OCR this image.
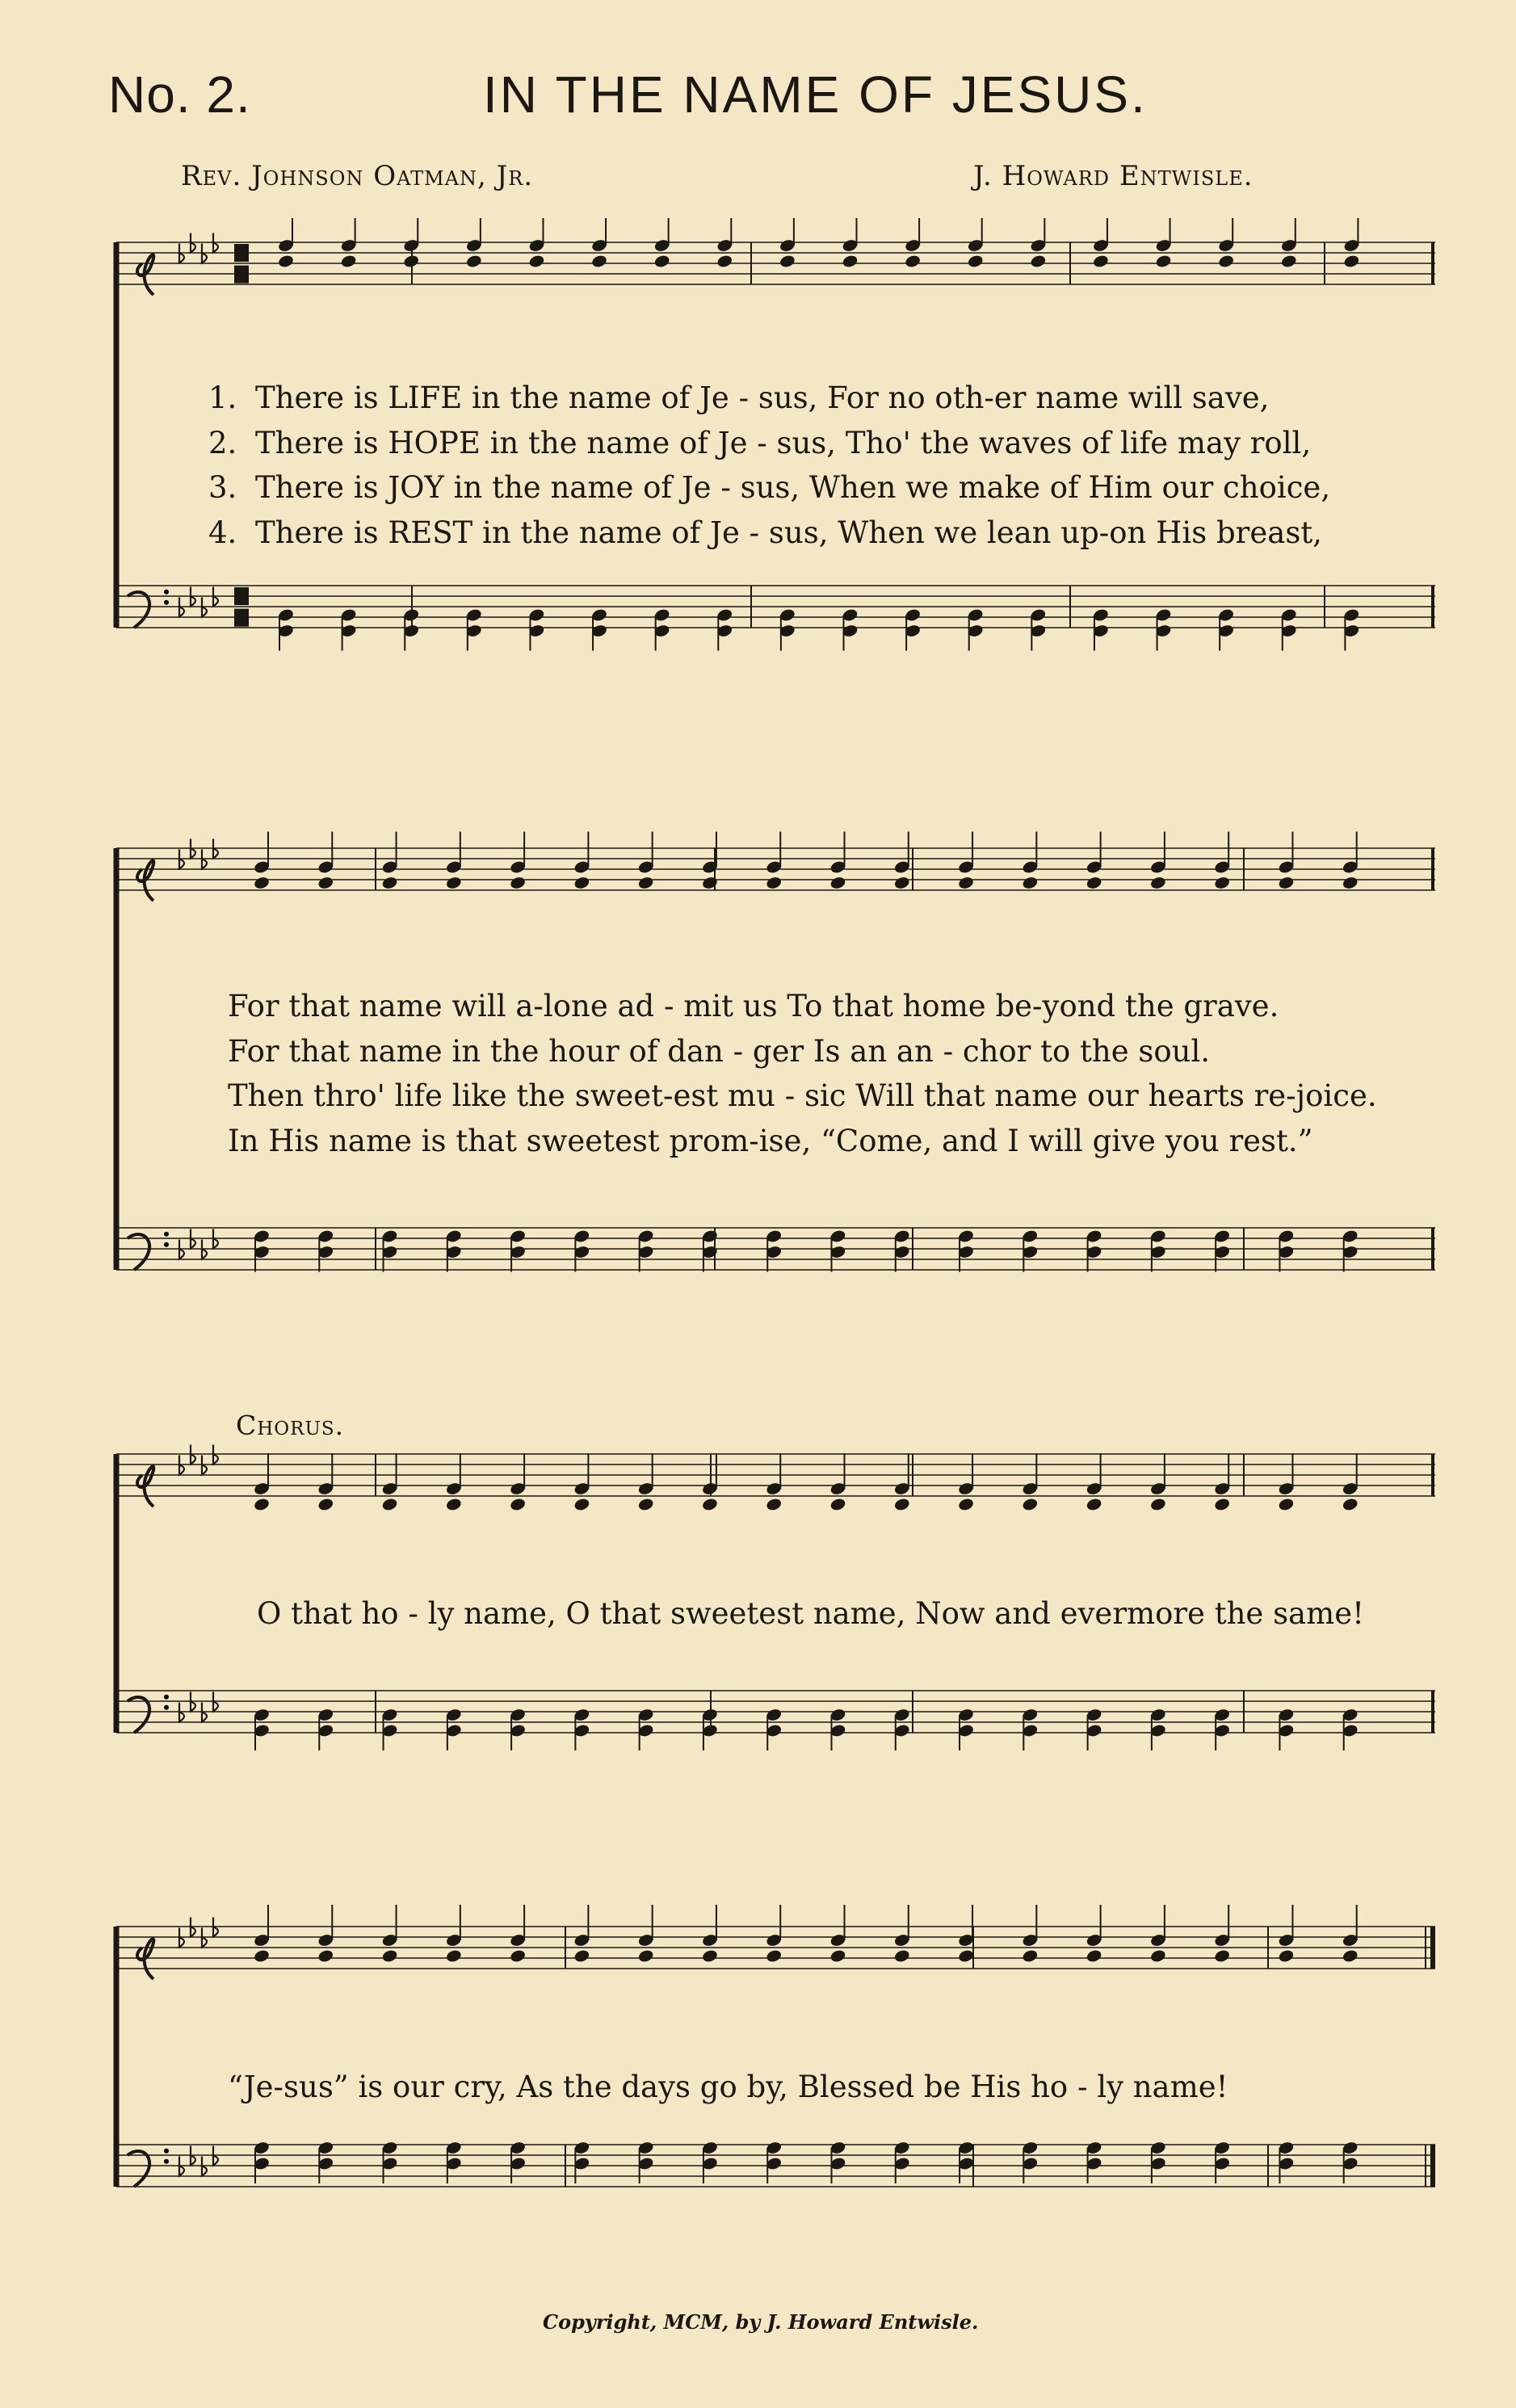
No. 2.	IN THE NAME OF JESUS.
Rev. Johnson Oatman, Jr.	J. Howard Entwisle.
1. There is LIFE in the name of Je - sus, For no oth-er name will save,
2. There is HOPE in the name of Je - sus, Tho' the waves of life may roll,
3. There is JOY in the name of Je - sus, When we make of Him our choice,
4. There is REST in the name of Je - sus, When we lean up-on His breast,
For that name will a-lone ad - mit us To that home be-yond the grave.
For that name in the hour of dan - ger Is an an - chor to the soul.
Then thro' life like the sweet-est mu - sic Will that name our hearts re-joice.
In His name is that sweetest prom-ise, “Come, and I will give you rest.”
Chorus.
O that ho - ly name, O that sweetest name, Now and evermore the same!
“Je-sus” is our cry, As the days go by, Blessed be His ho - ly name!
Copyright, MCM, by J. Howard Entwisle.
